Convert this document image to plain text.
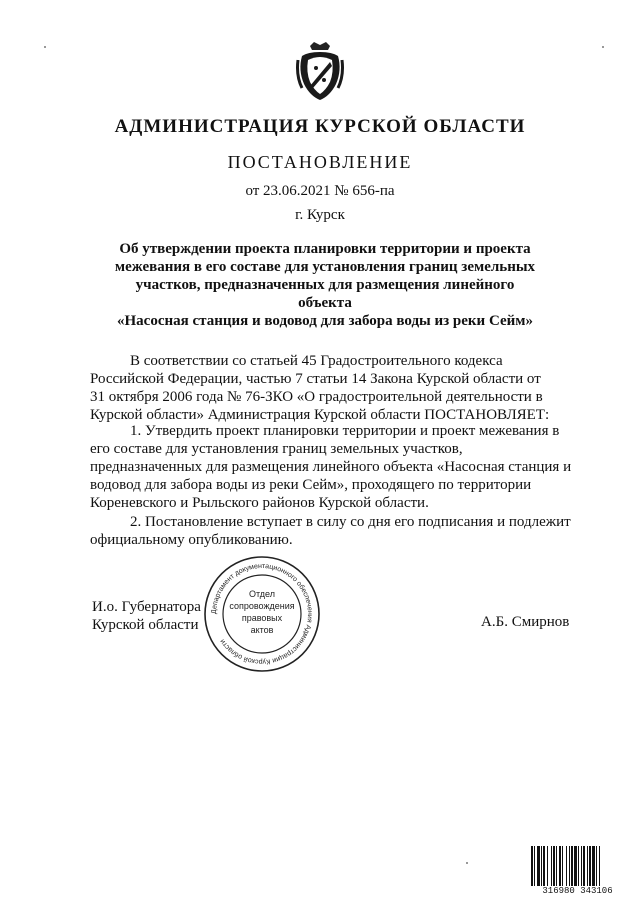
АДМИНИСТРАЦИЯ КУРСКОЙ ОБЛАСТИ
ПОСТАНОВЛЕНИЕ
от 23.06.2021 № 656-па
г. Курск
Об утверждении проекта планировки территории и проекта
межевания в его составе для установления границ земельных
участков, предназначенных для размещения линейного объекта
«Насосная станция и водовод для забора воды из реки Сейм»
В соответствии со статьей 45 Градостроительного кодекса
Российской Федерации, частью 7 статьи 14 Закона Курской области от
31 октября 2006 года № 76-ЗКО «О градостроительной деятельности в
Курской области» Администрация Курской области ПОСТАНОВЛЯЕТ:
1. Утвердить проект планировки территории и проект межевания в
его составе для установления границ земельных участков,
предназначенных для размещения линейного объекта «Насосная станция и
водовод для забора воды из реки Сейм», проходящего по территории
Кореневского и Рыльского районов Курской области.
2. Постановление вступает в силу со дня его подписания и подлежит
официальному опубликованию.
И.о. Губернатора
Курской области	А.Б. Смирнов
Департамент документационного обеспечения Администрации Курской области
Отдел
сопровождения
правовых
актов
316980 343106
